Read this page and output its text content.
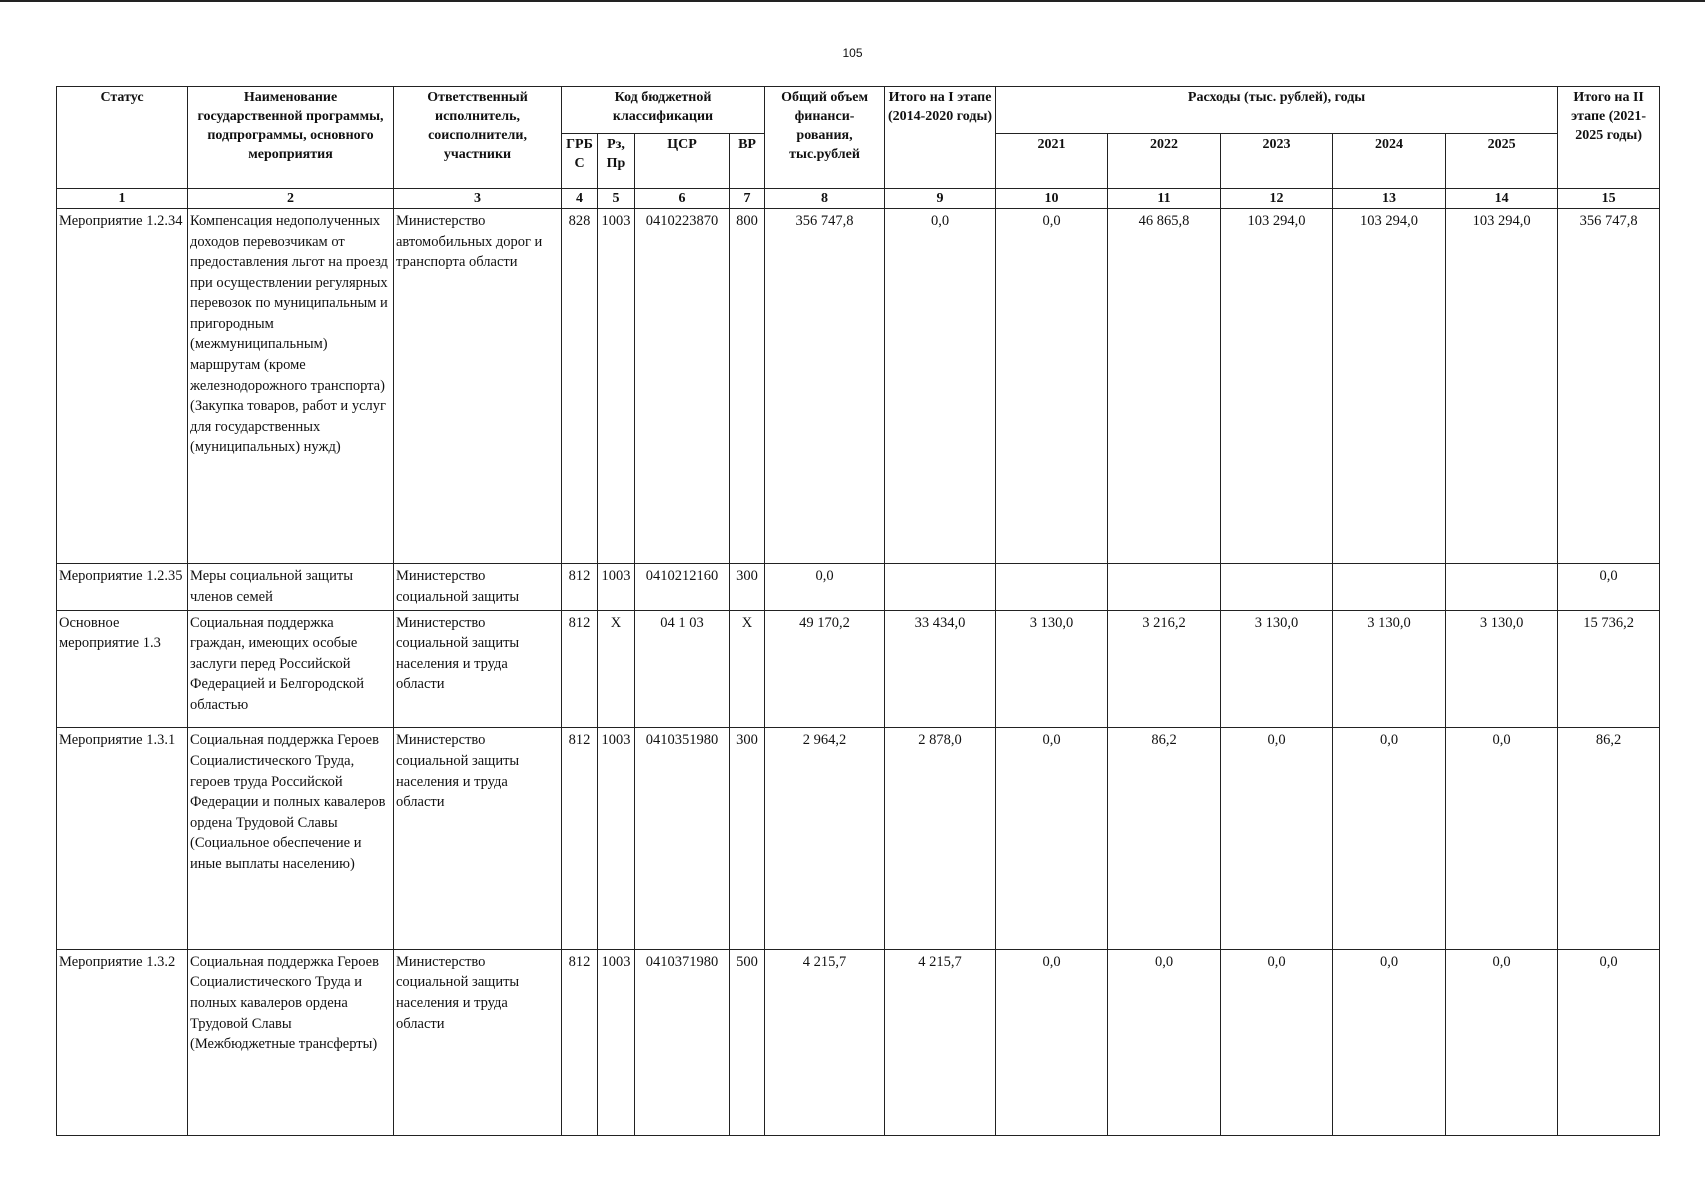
105
Статус	Наименование государственной программы, подпрограммы, основного мероприятия	Ответственный исполнитель, соисполнители, участники	Код бюджетной классификации				Общий объем финанси- рования, тыс.рублей	Итого на I этапе (2014-2020 годы)	Расходы (тыс. рублей), годы					Итого на II этапе (2021- 2025 годы)
			ГРБ С	Рз, Пр	ЦСР	ВР			2021	2022	2023	2024	2025	
1	2	3	4	5	6	7	8	9	10	11	12	13	14	15
Мероприятие 1.2.34	Компенсация недополученных доходов перевозчикам от предоставления льгот на проезд при осуществлении регулярных перевозок по муниципальным и пригородным (межмуниципальным) маршрутам (кроме железнодорожного транспорта) (Закупка товаров, работ и услуг для государственных (муниципальных) нужд)	Министерство автомобильных дорог и транспорта области	828	1003	0410223870	800	356 747,8	0,0	0,0	46 865,8	103 294,0	103 294,0	103 294,0	356 747,8
Мероприятие 1.2.35	Меры социальной защиты членов семей	Министерство социальной защиты	812	1003	0410212160	300	0,0							0,0
Основное мероприятие 1.3	Социальная поддержка граждан, имеющих особые заслуги перед Российской Федерацией и Белгородской областью	Министерство социальной защиты населения и труда области	812	X	04 1 03	X	49 170,2	33 434,0	3 130,0	3 216,2	3 130,0	3 130,0	3 130,0	15 736,2
Мероприятие 1.3.1	Социальная поддержка Героев Социалистического Труда, героев труда Российской Федерации и полных кавалеров ордена Трудовой Славы (Социальное обеспечение и иные выплаты населению)	Министерство социальной защиты населения и труда области	812	1003	0410351980	300	2 964,2	2 878,0	0,0	86,2	0,0	0,0	0,0	86,2
Мероприятие 1.3.2	Социальная поддержка Героев Социалистического Труда и полных кавалеров ордена Трудовой Славы (Межбюджетные трансферты)	Министерство социальной защиты населения и труда области	812	1003	0410371980	500	4 215,7	4 215,7	0,0	0,0	0,0	0,0	0,0	0,0
